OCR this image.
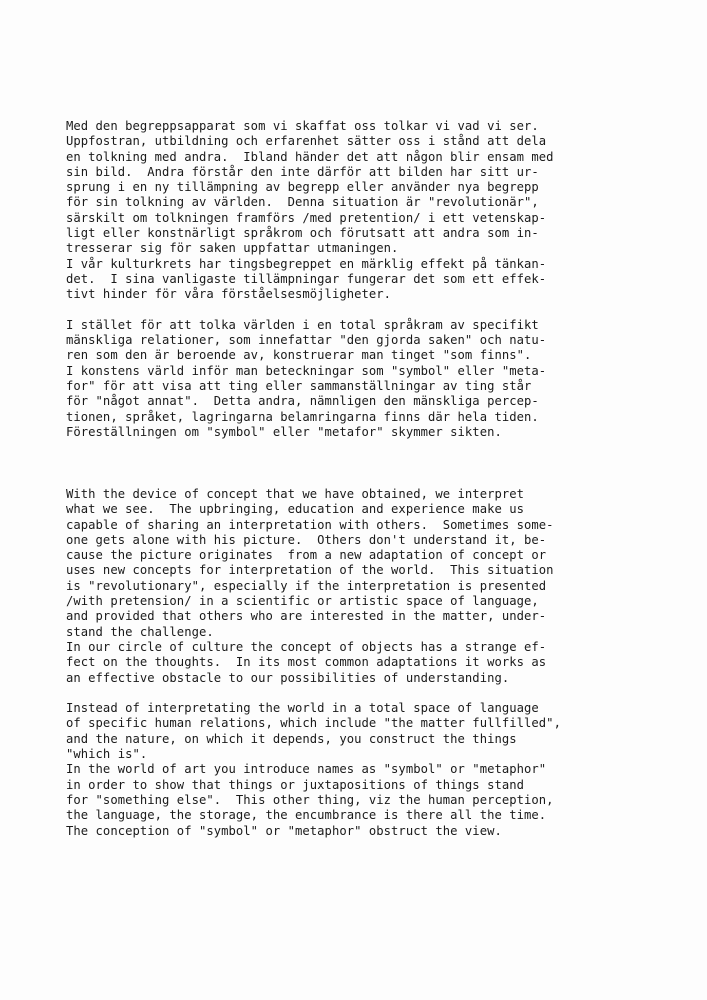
Med den begreppsapparat som vi skaffat oss tolkar vi vad vi ser.
Uppfostran, utbildning och erfarenhet sätter oss i stånd att dela
en tolkning med andra.  Ibland händer det att någon blir ensam med
sin bild.  Andra förstår den inte därför att bilden har sitt ur-
sprung i en ny tillämpning av begrepp eller använder nya begrepp
för sin tolkning av världen.  Denna situation är "revolutionär",
särskilt om tolkningen framförs /med pretention/ i ett vetenskap-
ligt eller konstnärligt språkrom och förutsatt att andra som in-
tresserar sig för saken uppfattar utmaningen.
I vår kulturkrets har tingsbegreppet en märklig effekt på tänkan-
det.  I sina vanligaste tillämpningar fungerar det som ett effek-
tivt hinder för våra förståelsesmöjligheter.
I stället för att tolka världen i en total språkram av specifikt
mänskliga relationer, som innefattar "den gjorda saken" och natu-
ren som den är beroende av, konstruerar man tinget "som finns".
I konstens värld inför man beteckningar som "symbol" eller "meta-
for" för att visa att ting eller sammanställningar av ting står
för "något annat".  Detta andra, nämnligen den mänskliga percep-
tionen, språket, lagringarna belamringarna finns där hela tiden.
Föreställningen om "symbol" eller "metafor" skymmer sikten.
With the device of concept that we have obtained, we interpret
what we see.  The upbringing, education and experience make us
capable of sharing an interpretation with others.  Sometimes some-
one gets alone with his picture.  Others don't understand it, be-
cause the picture originates  from a new adaptation of concept or
uses new concepts for interpretation of the world.  This situation
is "revolutionary", especially if the interpretation is presented
/with pretension/ in a scientific or artistic space of language,
and provided that others who are interested in the matter, under-
stand the challenge.
In our circle of culture the concept of objects has a strange ef-
fect on the thoughts.  In its most common adaptations it works as
an effective obstacle to our possibilities of understanding.
Instead of interpretating the world in a total space of language
of specific human relations, which include "the matter fullfilled",
and the nature, on which it depends, you construct the things
"which is".
In the world of art you introduce names as "symbol" or "metaphor"
in order to show that things or juxtapositions of things stand
for "something else".  This other thing, viz the human perception,
the language, the storage, the encumbrance is there all the time.
The conception of "symbol" or "metaphor" obstruct the view.
